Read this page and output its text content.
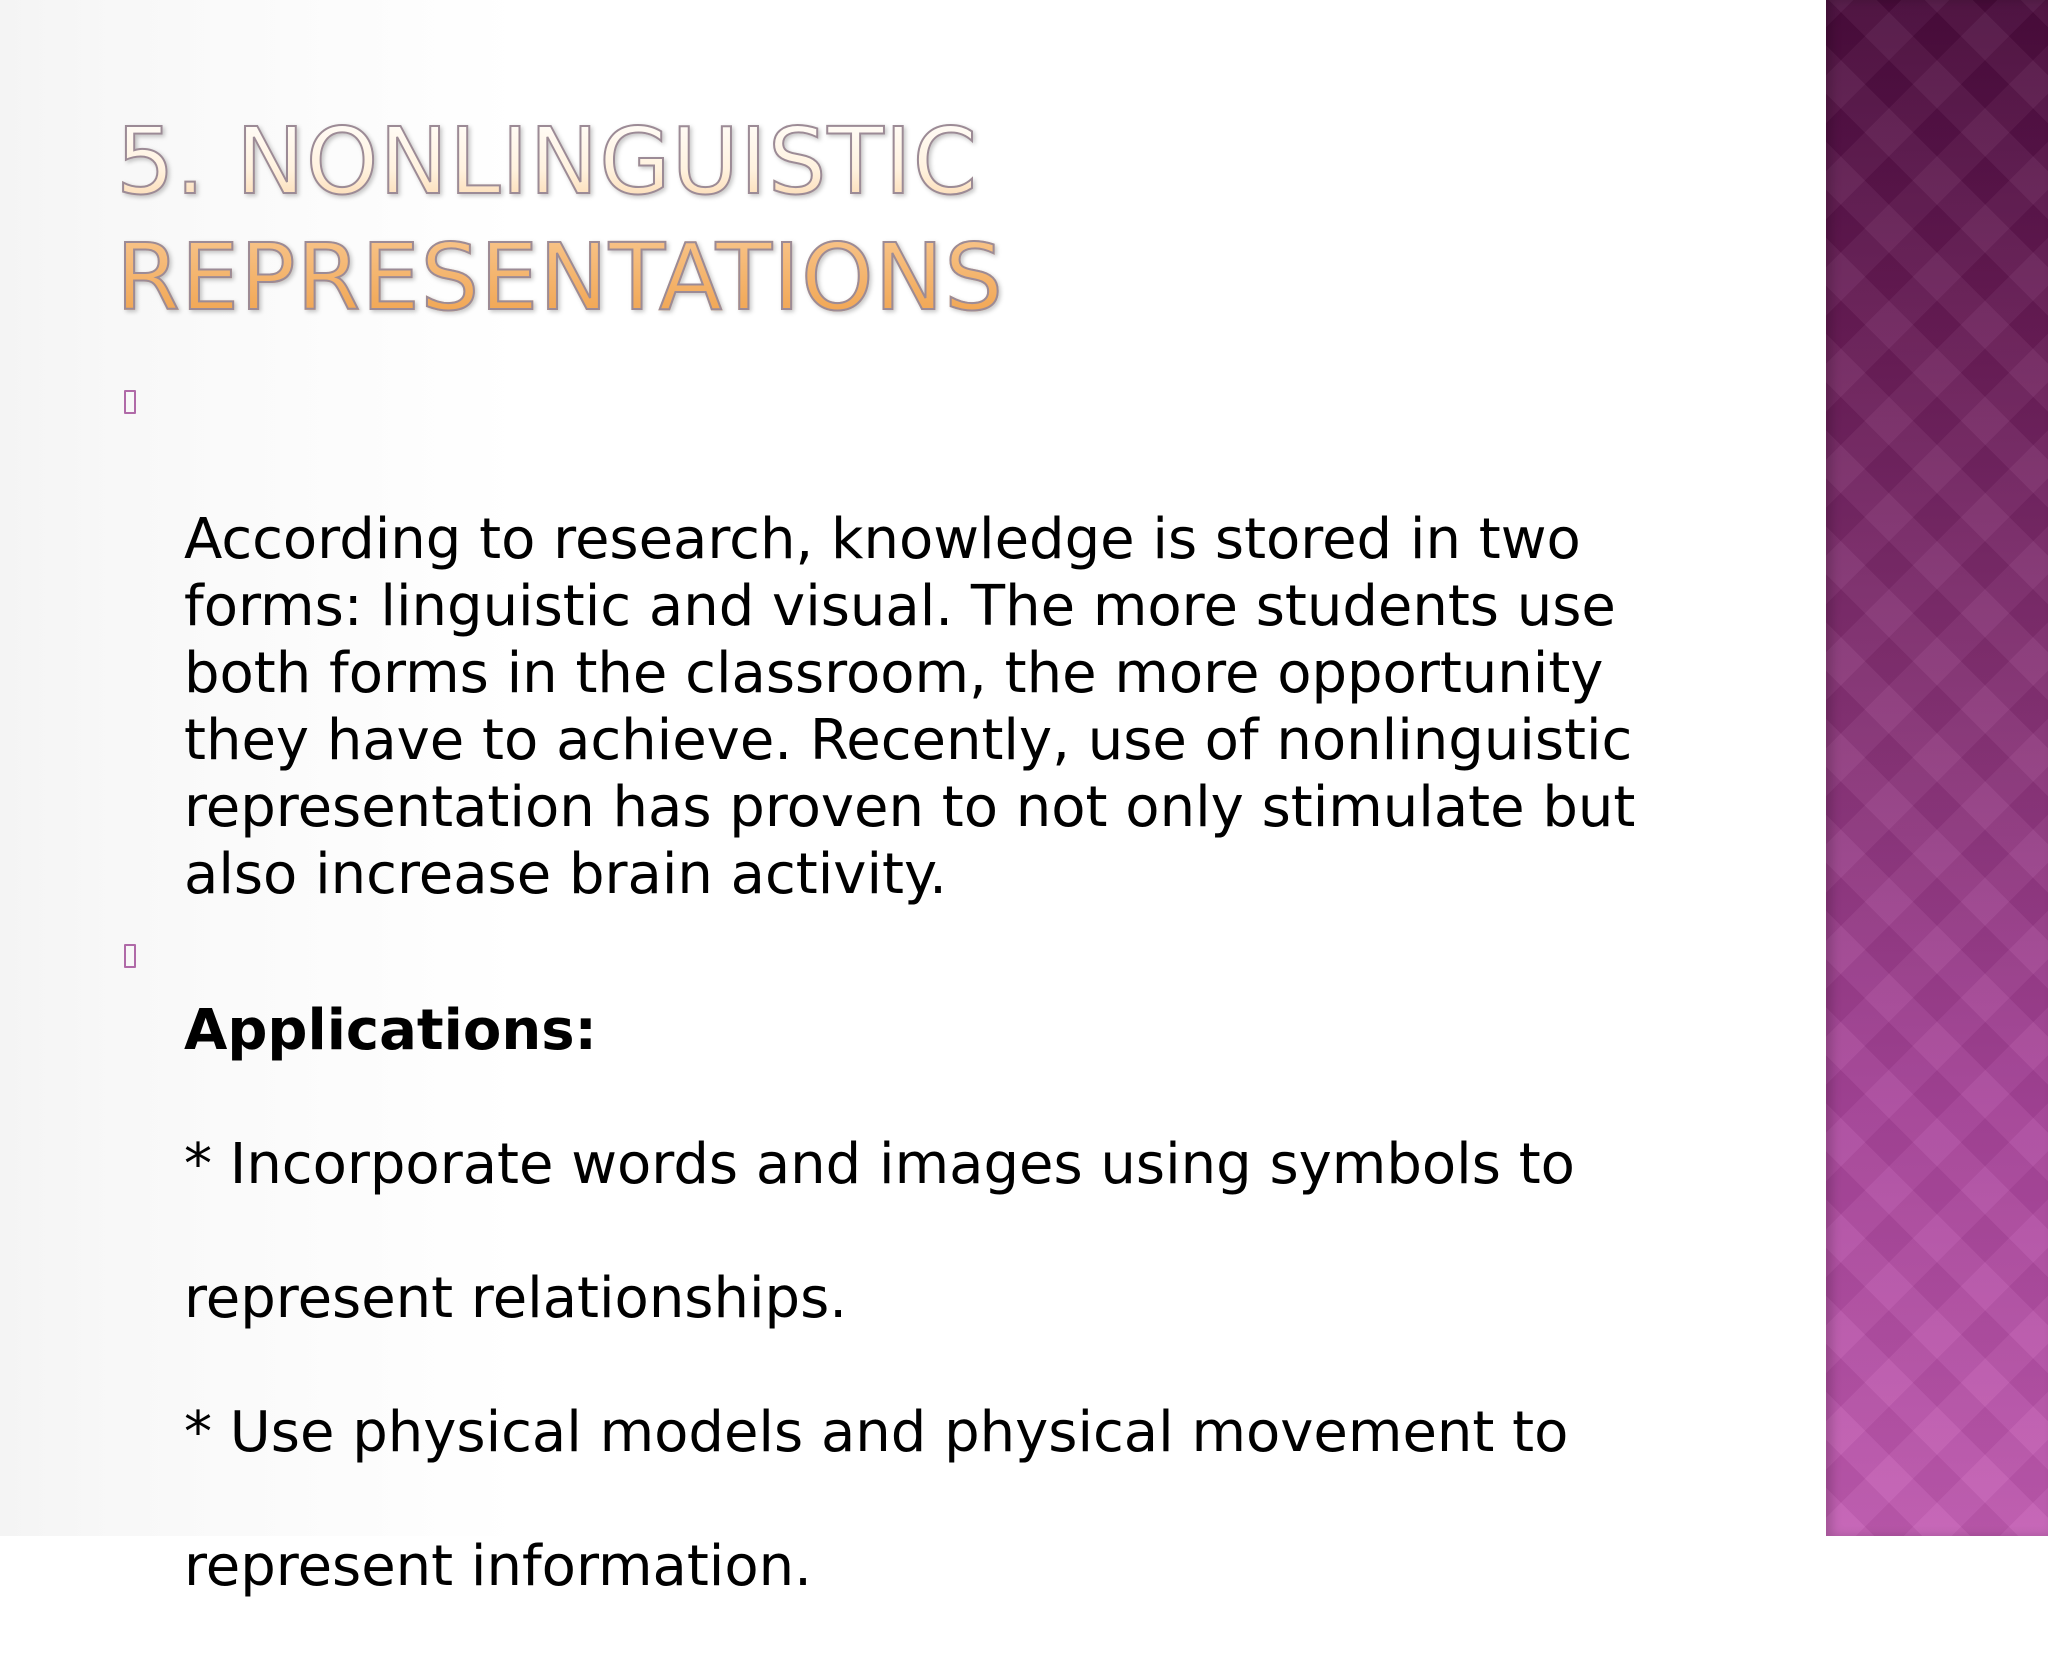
5. NONLINGUISTIC
REPRESENTATIONS

According to research, knowledge is stored in two
forms: linguistic and visual. The more students use
both forms in the classroom, the more opportunity
they have to achieve. Recently, use of nonlinguistic
representation has proven to not only stimulate but
also increase brain activity.

Applications:

* Incorporate words and images using symbols to

represent relationships.

* Use physical models and physical movement to

represent information.
